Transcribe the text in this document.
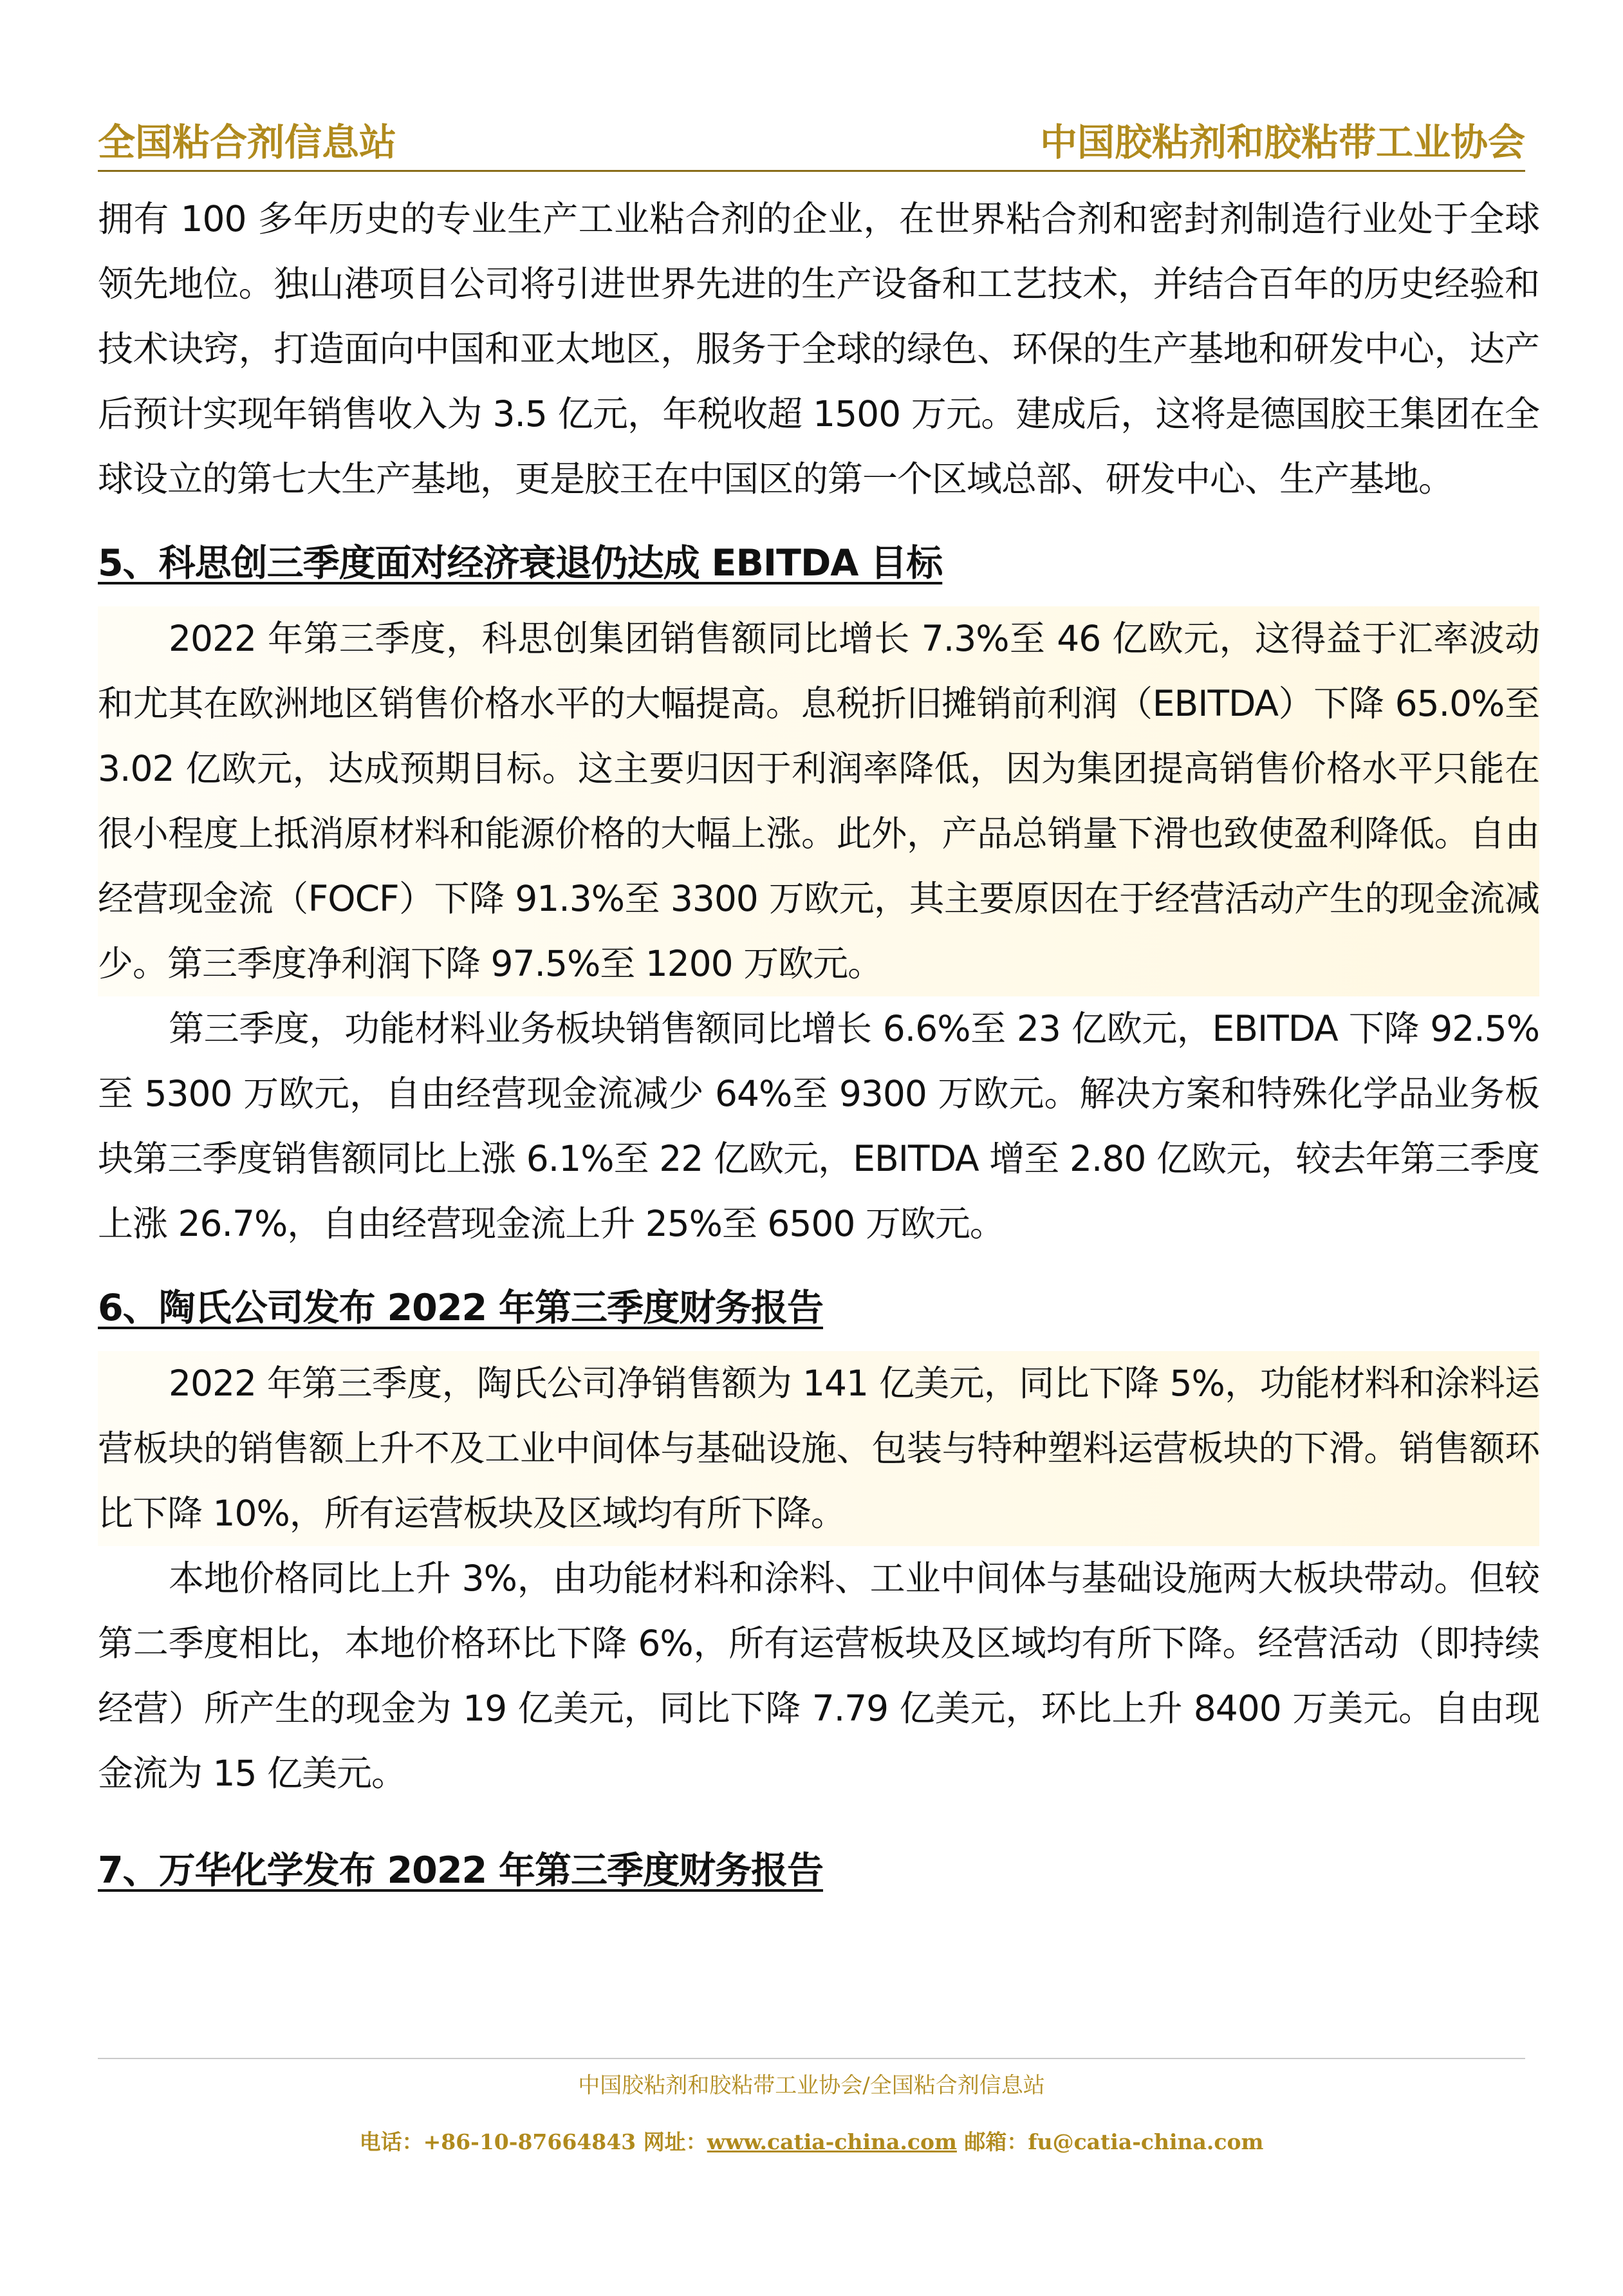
全国粘合剂信息站	中国胶粘剂和胶粘带工业协会

拥有 100 多年历史的专业生产工业粘合剂的企业，在世界粘合剂和密封剂制造行业处于全球领先地位。独山港项目公司将引进世界先进的生产设备和工艺技术，并结合百年的历史经验和技术诀窍，打造面向中国和亚太地区，服务于全球的绿色、环保的生产基地和研发中心，达产后预计实现年销售收入为 3.5 亿元，年税收超 1500 万元。建成后，这将是德国胶王集团在全球设立的第七大生产基地，更是胶王在中国区的第一个区域总部、研发中心、生产基地。

5、科思创三季度面对经济衰退仍达成 EBITDA 目标

2022 年第三季度，科思创集团销售额同比增长 7.3%至 46 亿欧元，这得益于汇率波动和尤其在欧洲地区销售价格水平的大幅提高。息税折旧摊销前利润（EBITDA）下降 65.0%至 3.02 亿欧元，达成预期目标。这主要归因于利润率降低，因为集团提高销售价格水平只能在很小程度上抵消原材料和能源价格的大幅上涨。此外，产品总销量下滑也致使盈利降低。自由经营现金流（FOCF）下降 91.3%至 3300 万欧元，其主要原因在于经营活动产生的现金流减少。第三季度净利润下降 97.5%至 1200 万欧元。

第三季度，功能材料业务板块销售额同比增长 6.6%至 23 亿欧元，EBITDA 下降 92.5%至 5300 万欧元，自由经营现金流减少 64%至 9300 万欧元。解决方案和特殊化学品业务板块第三季度销售额同比上涨 6.1%至 22 亿欧元，EBITDA 增至 2.80 亿欧元，较去年第三季度上涨 26.7%，自由经营现金流上升 25%至 6500 万欧元。

6、陶氏公司发布 2022 年第三季度财务报告

2022 年第三季度，陶氏公司净销售额为 141 亿美元，同比下降 5%，功能材料和涂料运营板块的销售额上升不及工业中间体与基础设施、包装与特种塑料运营板块的下滑。销售额环比下降 10%，所有运营板块及区域均有所下降。

本地价格同比上升 3%，由功能材料和涂料、工业中间体与基础设施两大板块带动。但较第二季度相比，本地价格环比下降 6%，所有运营板块及区域均有所下降。经营活动（即持续经营）所产生的现金为 19 亿美元，同比下降 7.79 亿美元，环比上升 8400 万美元。自由现金流为 15 亿美元。

7、万华化学发布 2022 年第三季度财务报告
中国胶粘剂和胶粘带工业协会/全国粘合剂信息站
电话：+86-10-87664843 网址：www.catia-china.com 邮箱：fu@catia-china.com
